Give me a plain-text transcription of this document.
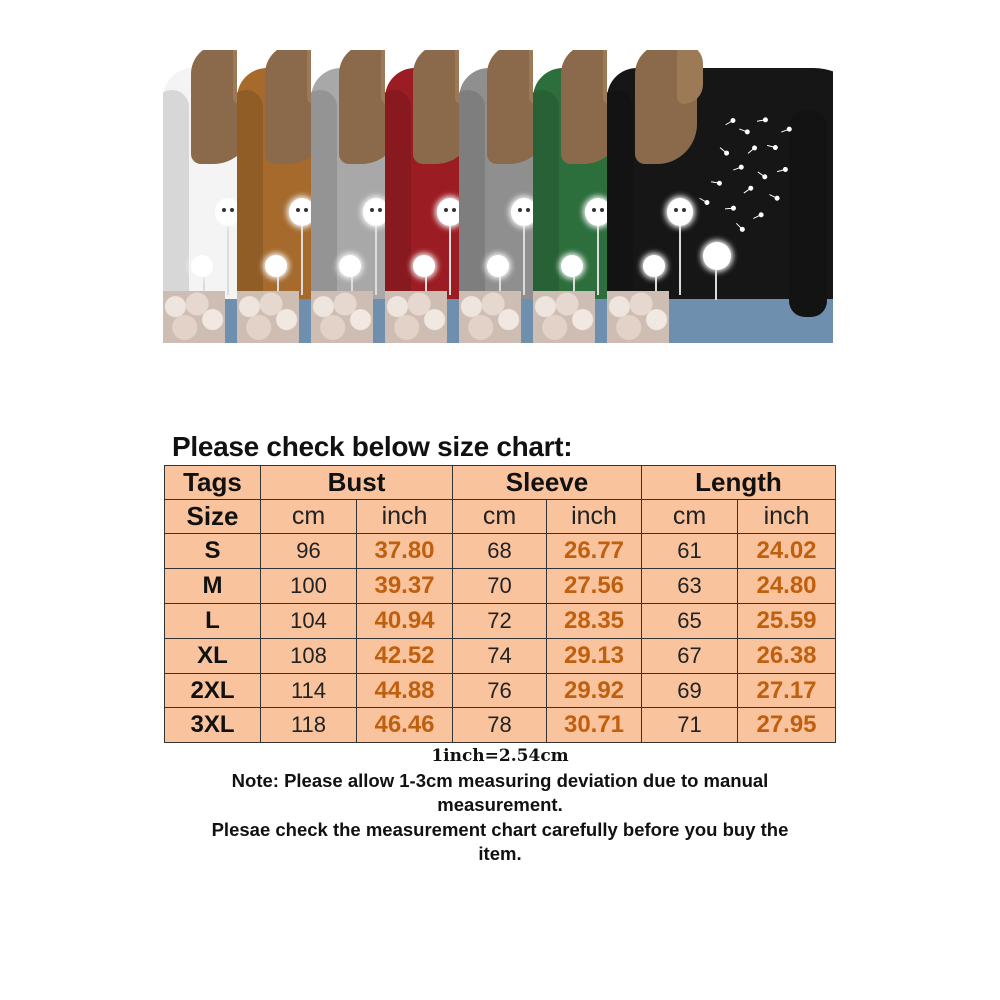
Please check below size chart:
Tags	Bust		Sleeve		Length	
Size	cm	inch	cm	inch	cm	inch
S	96	37.80	68	26.77	61	24.02
M	100	39.37	70	27.56	63	24.80
L	104	40.94	72	28.35	65	25.59
XL	108	42.52	74	29.13	67	26.38
2XL	114	44.88	76	29.92	69	27.17
3XL	118	46.46	78	30.71	71	27.95
1inch=2.54cm
Note: Please allow 1-3cm measuring deviation due to manual
measurement.
Plesae check the measurement chart carefully before you buy the
item.
